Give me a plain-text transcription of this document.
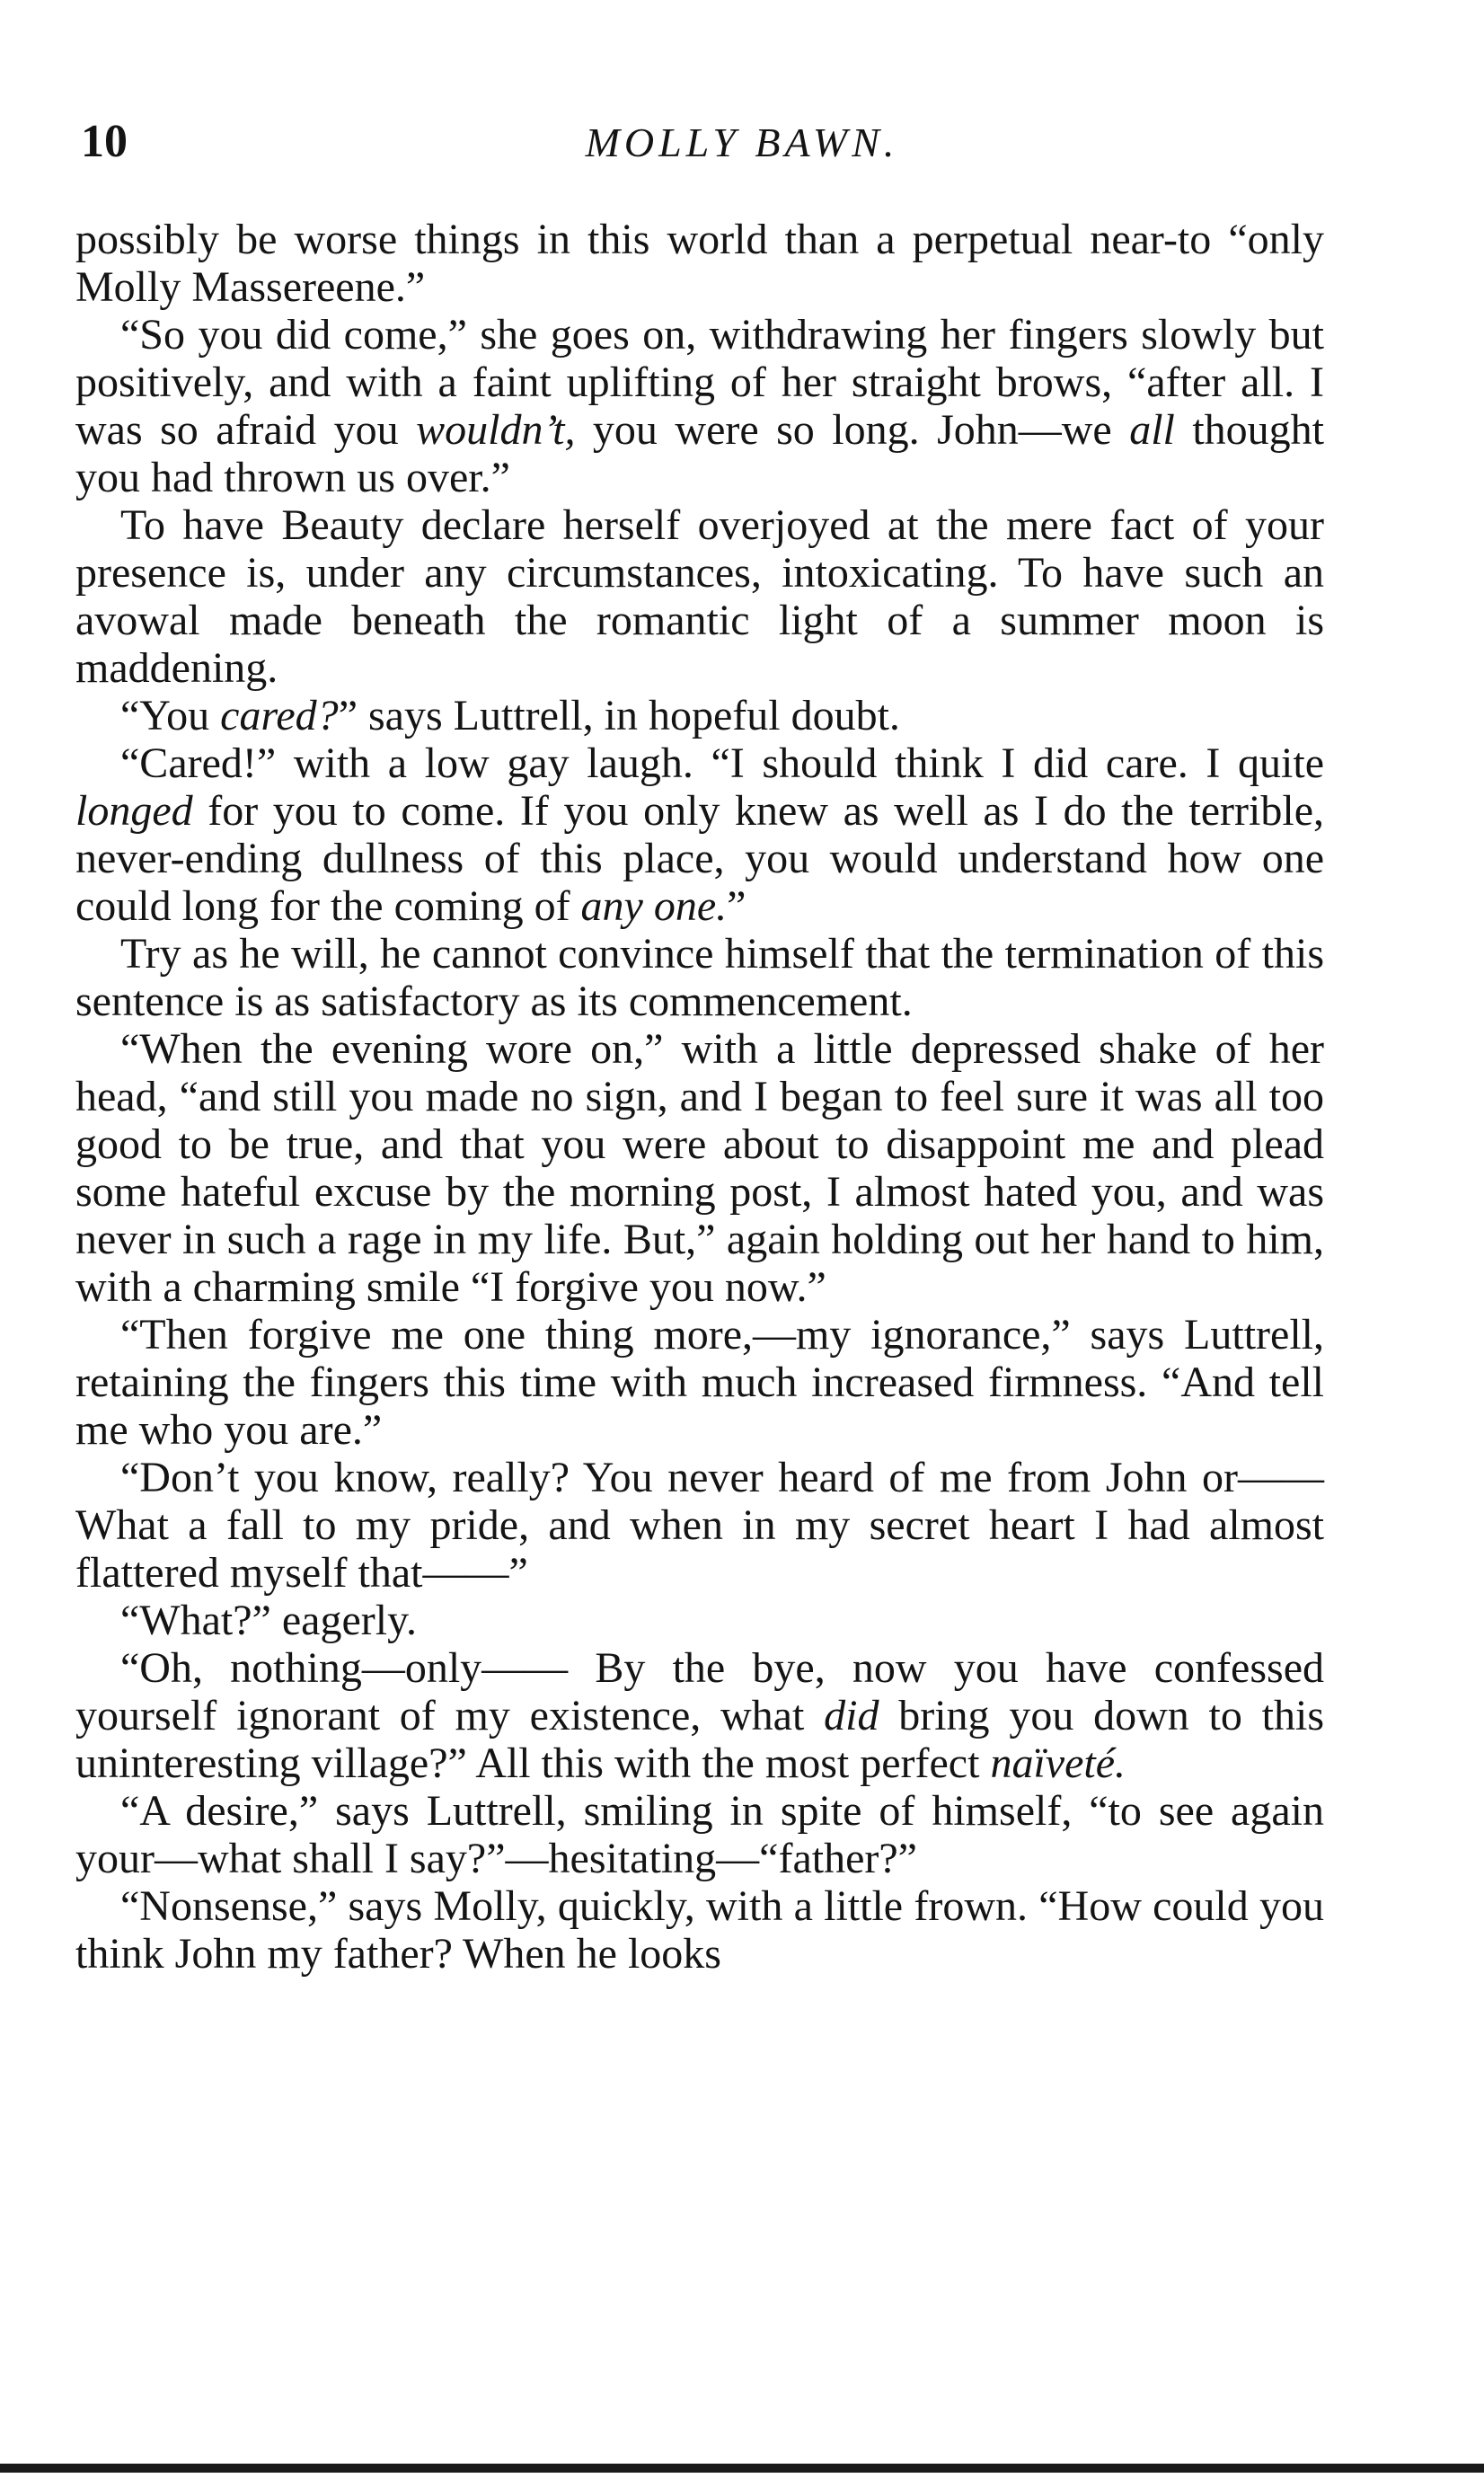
10	MOLLY BAWN.

possibly be worse things in this world than a perpetual near-to “only Molly Massereene.”

“So you did come,” she goes on, withdrawing her fingers slowly but positively, and with a faint uplifting of her straight brows, “after all. I was so afraid you wouldn’t, you were so long. John—we all thought you had thrown us over.”

To have Beauty declare herself overjoyed at the mere fact of your presence is, under any circumstances, intoxicating. To have such an avowal made beneath the romantic light of a summer moon is maddening.

“You cared?” says Luttrell, in hopeful doubt.

“Cared!” with a low gay laugh. “I should think I did care. I quite longed for you to come. If you only knew as well as I do the terrible, never-ending dullness of this place, you would understand how one could long for the coming of any one.”

Try as he will, he cannot convince himself that the termination of this sentence is as satisfactory as its commencement.

“When the evening wore on,” with a little depressed shake of her head, “and still you made no sign, and I began to feel sure it was all too good to be true, and that you were about to disappoint me and plead some hateful excuse by the morning post, I almost hated you, and was never in such a rage in my life. But,” again holding out her hand to him, with a charming smile “I forgive you now.”

“Then forgive me one thing more,—my ignorance,” says Luttrell, retaining the fingers this time with much increased firmness. “And tell me who you are.”

“Don’t you know, really? You never heard of me from John or—— What a fall to my pride, and when in my secret heart I had almost flattered myself that——”

“What?” eagerly.

“Oh, nothing—only—— By the bye, now you have confessed yourself ignorant of my existence, what did bring you down to this uninteresting village?” All this with the most perfect naïveté.

“A desire,” says Luttrell, smiling in spite of himself, “to see again your—what shall I say?”—hesitating—“father?”

“Nonsense,” says Molly, quickly, with a little frown. “How could you think John my father? When he looks
